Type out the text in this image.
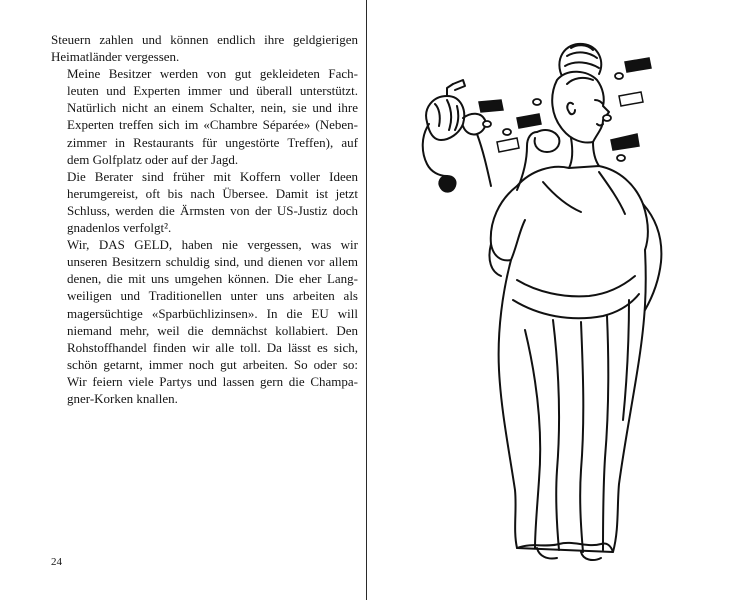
Steuern zahlen und können endlich ihre geldgierigen
Heimatländer vergessen.

Meine Besitzer werden von gut gekleideten Fach-
leuten und Experten immer und überall unterstützt.
Natürlich nicht an einem Schalter, nein, sie und ihre
Experten treffen sich im «Chambre Séparée» (Neben-
zimmer in Restaurants für ungestörte Treffen), auf
dem Golfplatz oder auf der Jagd.

Die Berater sind früher mit Koffern voller Ideen
herumgereist, oft bis nach Übersee. Damit ist jetzt
Schluss, werden die Ärmsten von der US-Justiz doch
gnadenlos verfolgt².

Wir, DAS GELD, haben nie vergessen, was wir
unseren Besitzern schuldig sind, und dienen vor allem
denen, die mit uns umgehen können. Die eher Lang-
weiligen und Traditionellen unter uns arbeiten als
magersüchtige «Sparbüchlizinsen». In die EU will
niemand mehr, weil die demnächst kollabiert. Den
Rohstoffhandel finden wir alle toll. Da lässt es sich,
schön getarnt, immer noch gut arbeiten. So oder so:
Wir feiern viele Partys und lassen gern die Champa-
gner-Korken knallen.

24
